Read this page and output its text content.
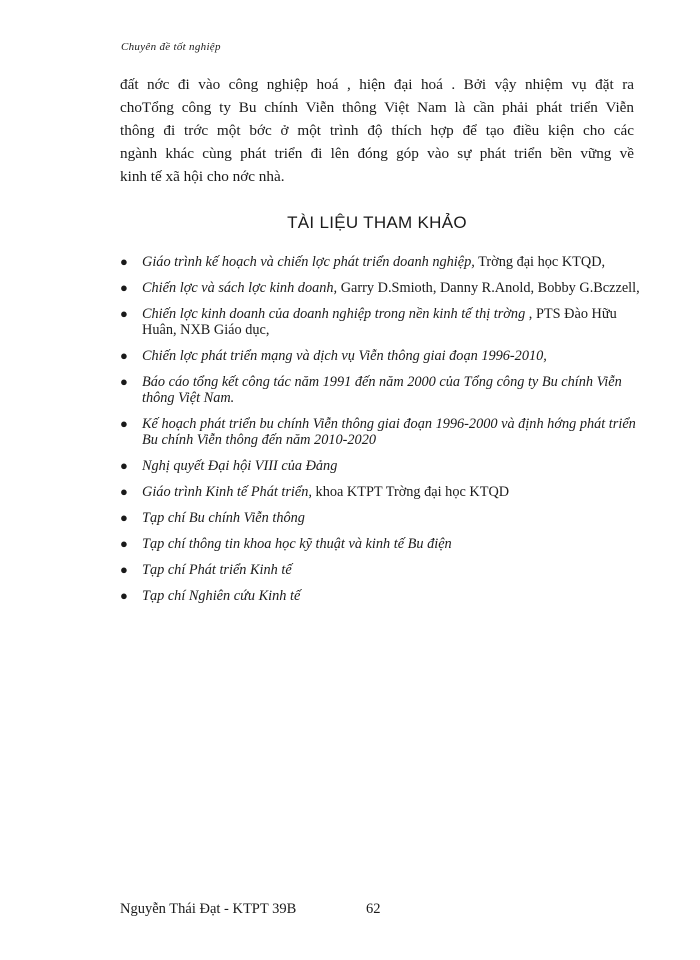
Chuyên đề tốt nghiệp
đất nớc đi vào công nghiệp hoá , hiện đại hoá . Bởi vậy nhiệm vụ đặt ra
choTổng công ty Bu chính Viễn thông Việt Nam là cần phải phát triển Viễn
thông đi trớc một bớc ở một trình độ thích hợp để tạo điều kiện cho các
ngành khác cùng phát triển đi lên đóng góp vào sự phát triển bền vững về
kinh tế xã hội cho nớc nhà.
TÀI LIỆU THAM KHẢO
● Giáo trình kế hoạch và chiến lợc phát triển doanh nghiệp, Trờng đại học KTQD,
● Chiến lợc và sách lợc kinh doanh, Garry D.Smioth, Danny R.Anold, Bobby G.Bczzell,
● Chiến lợc kinh doanh của doanh nghiệp trong nền kinh tế thị trờng , PTS Đào Hữu Huân, NXB Giáo dục,
● Chiến lợc phát triển mạng và dịch vụ Viễn thông giai đoạn 1996-2010,
● Báo cáo tổng kết công tác năm 1991 đến năm 2000 của Tổng công ty Bu chính Viễn thông Việt Nam.
● Kế hoạch phát triển bu chính Viễn thông giai đoạn 1996-2000 và định hớng phát triển Bu chính Viễn thông đến năm 2010-2020
● Nghị quyết Đại hội VIII của Đảng
● Giáo trình Kinh tế Phát triển, khoa KTPT Trờng đại học KTQD
● Tạp chí Bu chính Viễn thông
● Tạp chí thông tin khoa học kỹ thuật và kinh tế Bu điện
● Tạp chí Phát triển Kinh tế
● Tạp chí Nghiên cứu Kinh tế
Nguyễn Thái Đạt - KTPT 39B	62
